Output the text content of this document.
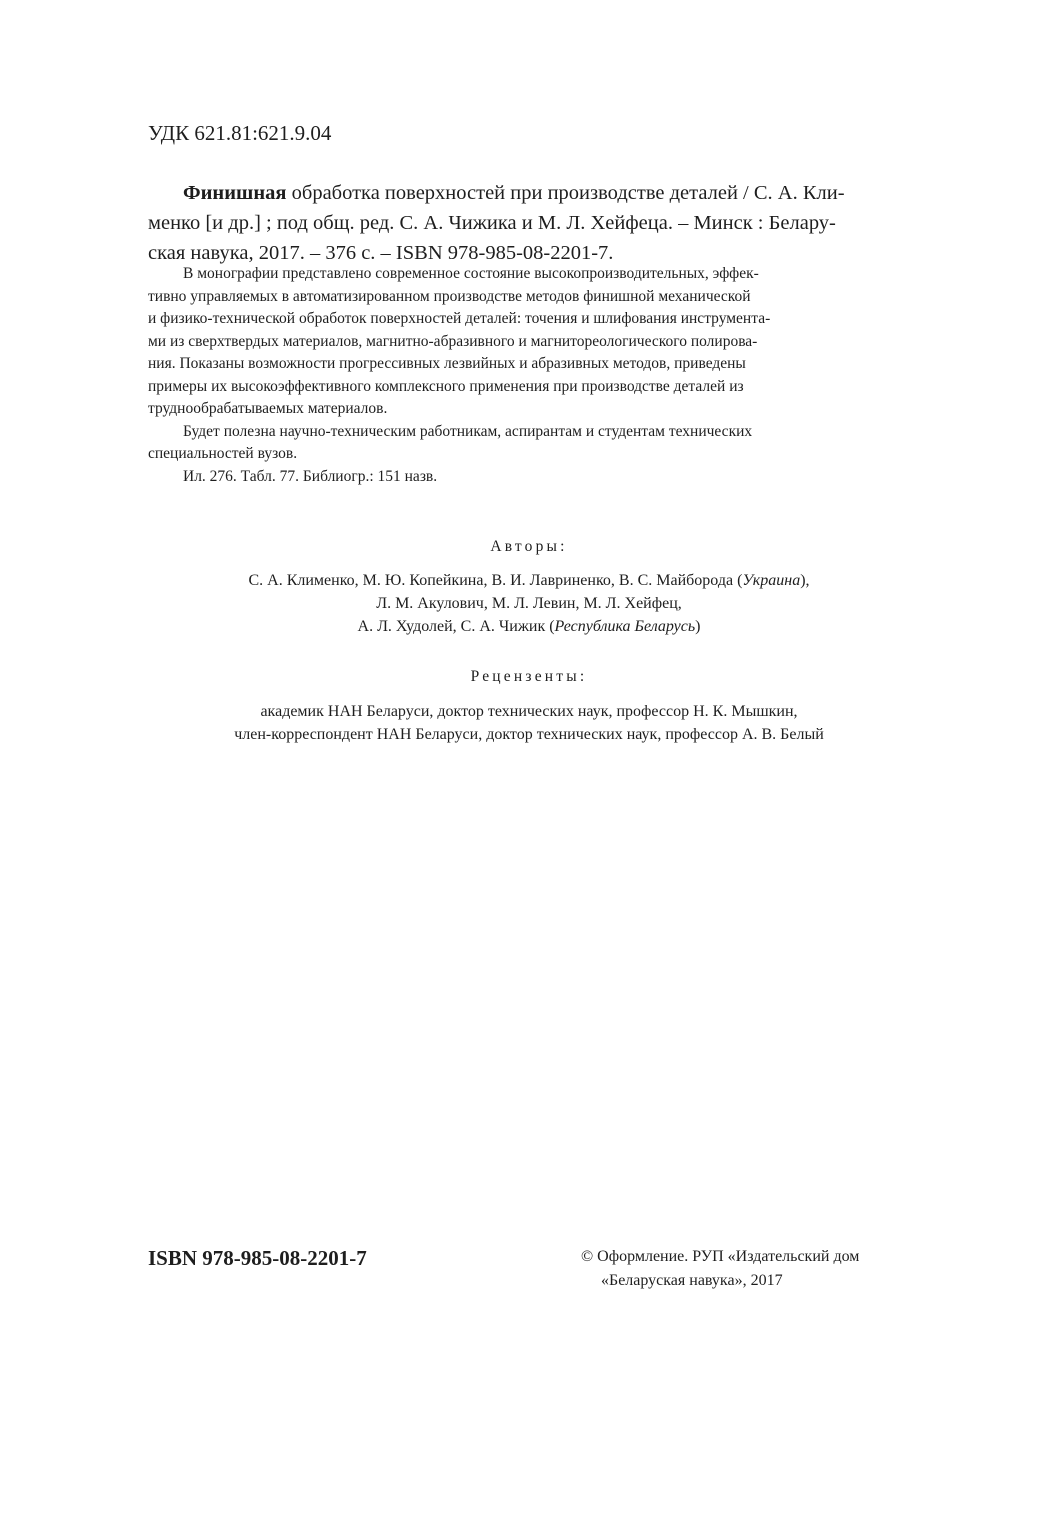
УДК 621.81:621.9.04
Финишная обработка поверхностей при производстве деталей / С. А. Кли-
менко [и др.] ; под общ. ред. С. А. Чижика и М. Л. Хейфеца. – Минск : Белару-
ская навука, 2017. – 376 с. – ISBN 978-985-08-2201-7.
В монографии представлено современное состояние высокопроизводительных, эффек-
тивно управляемых в автоматизированном производстве методов финишной механической
и физико-технической обработок поверхностей деталей: точения и шлифования инструмента-
ми из сверхтвердых материалов, магнитно-абразивного и магнитореологического полирова-
ния. Показаны возможности прогрессивных лезвийных и абразивных методов, приведены
примеры их высокоэффективного комплексного применения при производстве деталей из
труднообрабатываемых материалов.
Будет полезна научно-техническим работникам, аспирантам и студентам технических
специальностей вузов.
Ил. 276. Табл. 77. Библиогр.: 151 назв.
Авторы:
С. А. Клименко, М. Ю. Копейкина, В. И. Лавриненко, В. С. Майборода (Украина),
Л. М. Акулович, М. Л. Левин, М. Л. Хейфец,
А. Л. Худолей, С. А. Чижик (Республика Беларусь)
Рецензенты:
академик НАН Беларуси, доктор технических наук, профессор Н. К. Мышкин,
член-корреспондент НАН Беларуси, доктор технических наук, профессор А. В. Белый
ISBN 978-985-08-2201-7	© Оформление. РУП «Издательский дом
«Беларуская навука», 2017
